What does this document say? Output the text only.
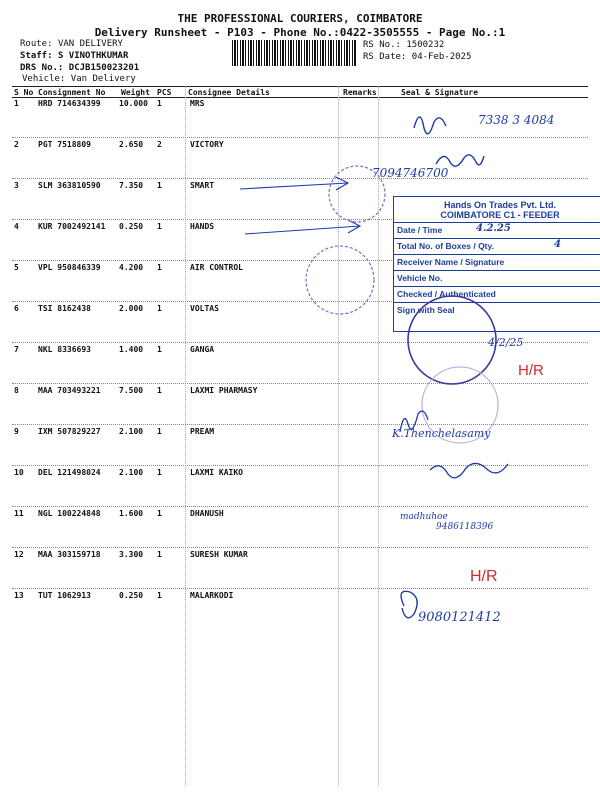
THE PROFESSIONAL COURIERS, COIMBATORE
Delivery Runsheet - P103 - Phone No.:0422-3505555 - Page No.:1
Route: VAN DELIVERY
Staff: S VINOTHKUMAR
DRS No.: DCJB150023201
Vehicle: Van Delivery
RS No.: 1500232
RS Date: 04-Feb-2025
S No Consignment No Weight PCS Consignee Details	Remarks	Seal & Signature
1 HRD 714634399 10.000 1	MRS
2 PGT 7518809	2.650 2	VICTORY
3 SLM 363810590 7.350 1	SMART
4 KUR 7002492141 0.250 1	HANDS
5 VPL 950846339 4.200 1	AIR CONTROL
6 TSI 8162438	2.000 1	VOLTAS
7 NKL 8336693	1.400 1	GANGA
8 MAA 703493221 7.500 1	LAXMI PHARMASY
9 IXM 507829227 2.100 1	PREAM
10 DEL 121498024 2.100 1	LAXMI KAIKO
11 NGL 100224848 1.600 1	DHANUSH
12 MAA 303159718 3.300 1	SURESH KUMAR
13 TUT 1062913	0.250 1	MALARKODI
Hands On Trades Pvt. Ltd.
COIMBATORE C1 - FEEDER
Date / Time	4.2.25
Total No. of Boxes / Qty.	4
Receiver Name / Signature
Vehicle No.
Checked / Authenticated
Sign with Seal
7338 3 4084
7094746700
4/2/25
H/R
K.Thenchelasamy
madhuhoe
9486118396
H/R
9080121412
